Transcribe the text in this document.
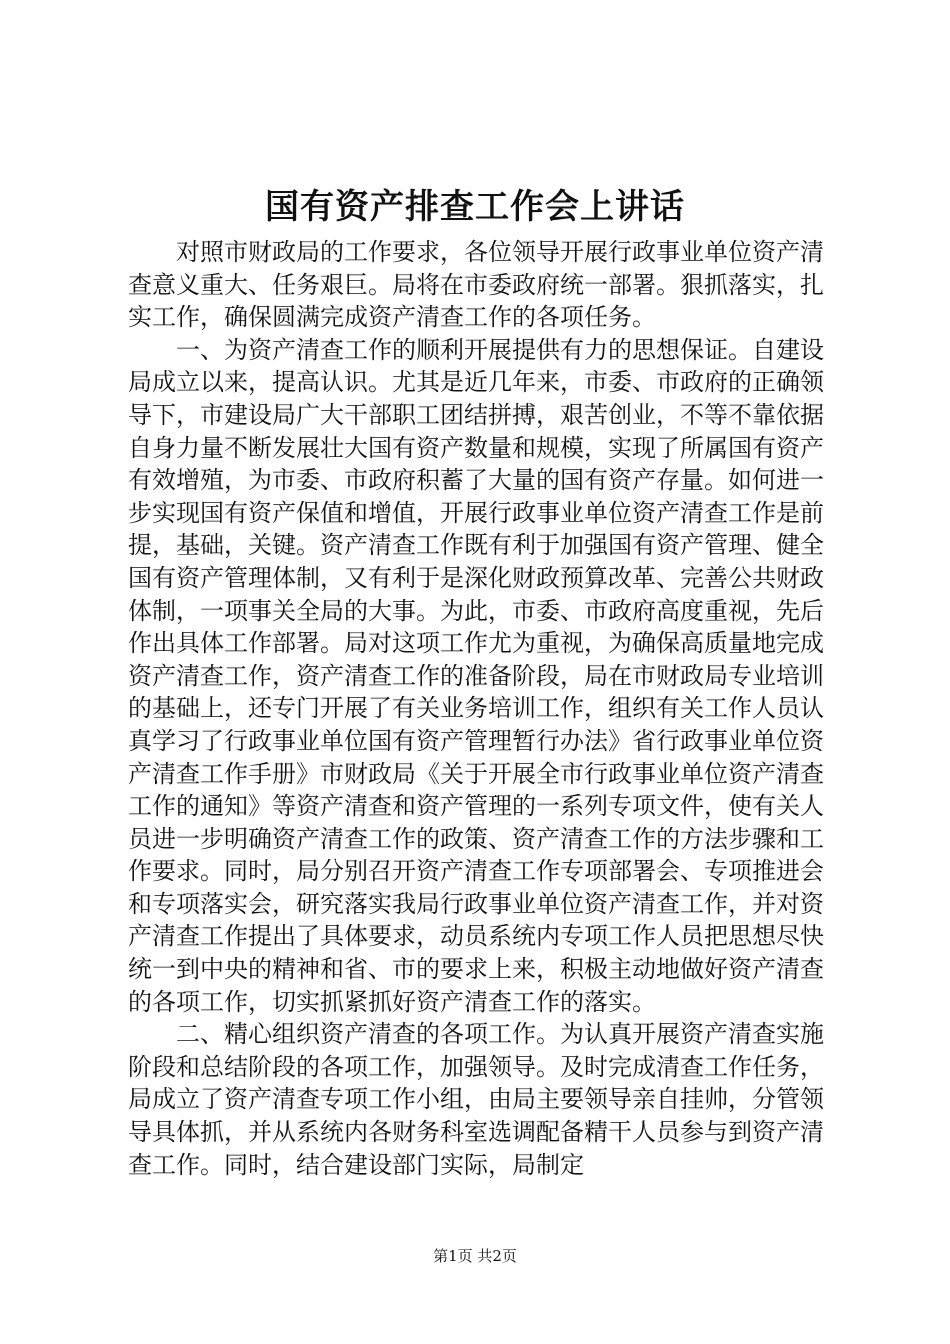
国有资产排查工作会上讲话

对照市财政局的工作要求，各位领导开展行政事业单位资产清查意义重大、任务艰巨。局将在市委政府统一部署。狠抓落实，扎实工作，确保圆满完成资产清查工作的各项任务。

一、为资产清查工作的顺利开展提供有力的思想保证。自建设局成立以来，提高认识。尤其是近几年来，市委、市政府的正确领导下，市建设局广大干部职工团结拼搏，艰苦创业，不等不靠依据自身力量不断发展壮大国有资产数量和规模，实现了所属国有资产有效增殖，为市委、市政府积蓄了大量的国有资产存量。如何进一步实现国有资产保值和增值，开展行政事业单位资产清查工作是前提，基础，关键。资产清查工作既有利于加强国有资产管理、健全国有资产管理体制，又有利于是深化财政预算改革、完善公共财政体制，一项事关全局的大事。为此，市委、市政府高度重视，先后作出具体工作部署。局对这项工作尤为重视，为确保高质量地完成资产清查工作，资产清查工作的准备阶段，局在市财政局专业培训的基础上，还专门开展了有关业务培训工作，组织有关工作人员认真学习了行政事业单位国有资产管理暂行办法》省行政事业单位资产清查工作手册》市财政局《关于开展全市行政事业单位资产清查工作的通知》等资产清查和资产管理的一系列专项文件，使有关人员进一步明确资产清查工作的政策、资产清查工作的方法步骤和工作要求。同时，局分别召开资产清查工作专项部署会、专项推进会和专项落实会，研究落实我局行政事业单位资产清查工作，并对资产清查工作提出了具体要求，动员系统内专项工作人员把思想尽快统一到中央的精神和省、市的要求上来，积极主动地做好资产清查的各项工作，切实抓紧抓好资产清查工作的落实。

二、精心组织资产清查的各项工作。为认真开展资产清查实施阶段和总结阶段的各项工作，加强领导。及时完成清查工作任务，局成立了资产清查专项工作小组，由局主要领导亲自挂帅，分管领导具体抓，并从系统内各财务科室选调配备精干人员参与到资产清查工作。同时，结合建设部门实际，局制定

第1页 共2页
